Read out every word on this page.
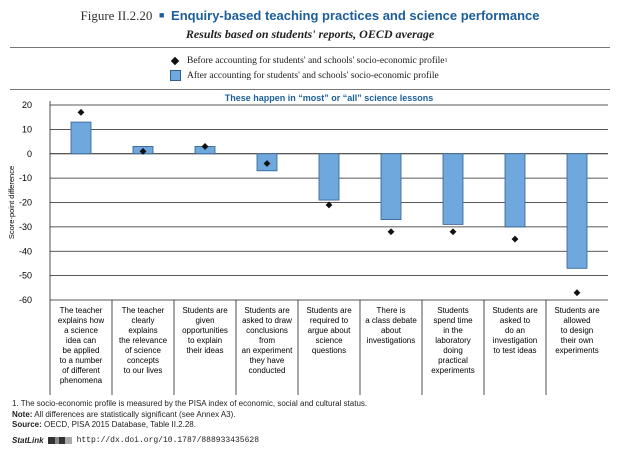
Figure II.2.20 ■ Enquiry-based teaching practices and science performance
Results based on students' reports, OECD average
Before accounting for students' and schools' socio-economic profile 1
After accounting for students' and schools' socio-economic profile
These happen in “most” or “all” science lessons
20
10
0
-10
-20
-30
-40
-50
-60
Score-point difference
The teacher
explains how
a science
idea can
be applied
to a number
of different
phenomena
The teacher
clearly
explains
the relevance
of science
concepts
to our lives
Students are
given
opportunities
to explain
their ideas
Students are
asked to draw
conclusions
from
an experiment
they have
conducted
Students are
required to
argue about
science
questions
There is
a class debate
about
investigations
Students
spend time
in the
laboratory
doing
practical
experiments
Students are
asked to
do an
investigation
to test ideas
Students are
allowed
to design
their own
experiments
1. The socio-economic profile is measured by the PISA index of economic, social and cultural status.
Note: All differences are statistically significant (see Annex A3).
Source: OECD, PISA 2015 Database, Table II.2.28.
StatLink	http://dx.doi.org/10.1787/888933435628
